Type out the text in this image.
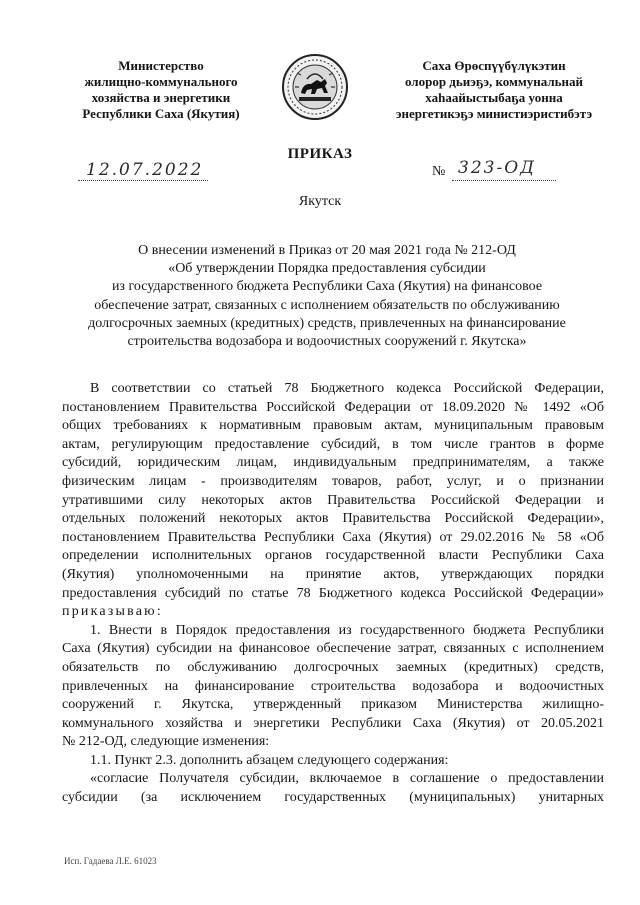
Министерство
жилищно-коммунального
хозяйства и энергетики
Республики Саха (Якутия)
Саха Өрөспүүбүлүкэтин
олорор дьиэҕэ, коммунальнай
хаһаайыстыбаҕа уонна
энергетикэҕэ министиэристибэтэ
ПРИКАЗ
12.07.2022	№ 323-ОД
Якутск
О внесении изменений в Приказ от 20 мая 2021 года № 212-ОД
«Об утверждении Порядка предоставления субсидии
из государственного бюджета Республики Саха (Якутия) на финансовое
обеспечение затрат, связанных с исполнением обязательств по обслуживанию
долгосрочных заемных (кредитных) средств, привлеченных на финансирование
строительства водозабора и водоочистных сооружений г. Якутска»
В соответствии со статьей 78 Бюджетного кодекса Российской Федерации,
постановлением Правительства Российской Федерации от 18.09.2020 № 1492 «Об
общих требованиях к нормативным правовым актам, муниципальным правовым
актам, регулирующим предоставление субсидий, в том числе грантов в форме
субсидий, юридическим лицам, индивидуальным предпринимателям, а также
физическим лицам - производителям товаров, работ, услуг, и о признании
утратившими силу некоторых актов Правительства Российской Федерации и
отдельных положений некоторых актов Правительства Российской Федерации»,
постановлением Правительства Республики Саха (Якутия) от 29.02.2016 № 58 «Об
определении исполнительных органов государственной власти Республики Саха
(Якутия) уполномоченными на принятие актов, утверждающих порядки
предоставления субсидий по статье 78 Бюджетного кодекса Российской Федерации»
приказываю:
1. Внести в Порядок предоставления из государственного бюджета Республики
Саха (Якутия) субсидии на финансовое обеспечение затрат, связанных с исполнением
обязательств по обслуживанию долгосрочных заемных (кредитных) средств,
привлеченных на финансирование строительства водозабора и водоочистных
сооружений г. Якутска, утвержденный приказом Министерства жилищно-
коммунального хозяйства и энергетики Республики Саха (Якутия) от 20.05.2021
№ 212-ОД, следующие изменения:
1.1. Пункт 2.3. дополнить абзацем следующего содержания:
«согласие Получателя субсидии, включаемое в соглашение о предоставлении
субсидии (за исключением государственных (муниципальных) унитарных
Исп. Гадаева Л.Е. 61023
